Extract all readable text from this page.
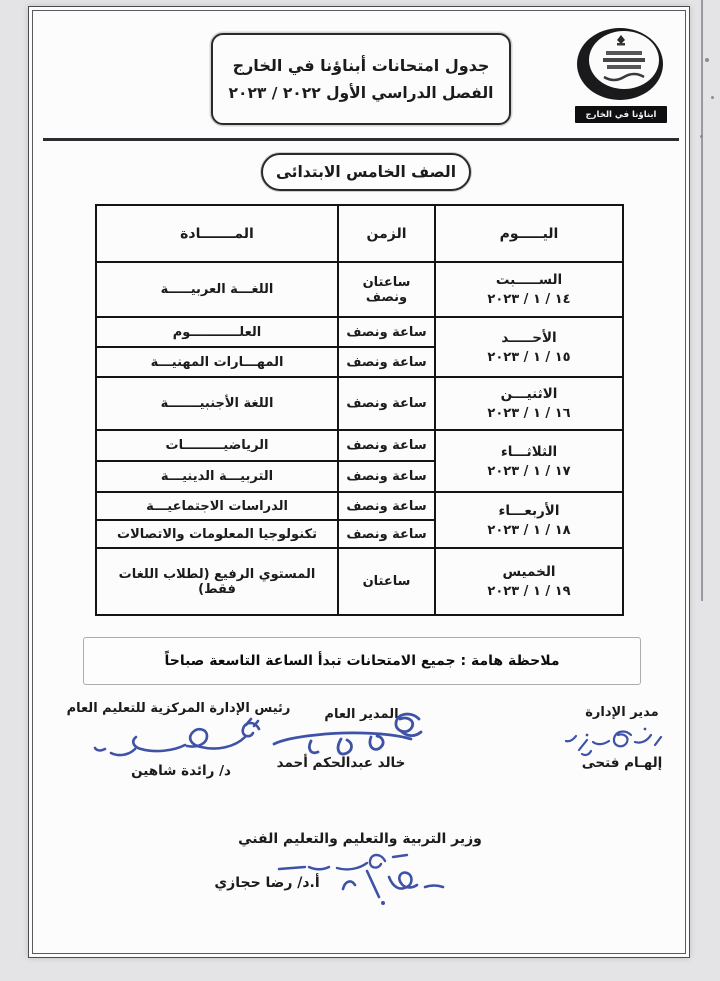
جدول امتحانات أبناؤنا في الخارج
الفصل الدراسي الأول ٢٠٢٢ / ٢٠٢٣
ابناؤنا في الخارج
الصف الخامس الابتدائى
اليـــــوم	الزمن	المـــــــادة

الســـــبت
١٤ / ١ / ٢٠٢٣	ساعتان ونصف	اللغـــة العربيـــــة

الأحـــــد
١٥ / ١ / ٢٠٢٣	ساعة ونصف	العلـــــــــــوم
	ساعة ونصف	المهـــارات المهنيـــة

الاثنيـــن
١٦ / ١ / ٢٠٢٣	ساعة ونصف	اللغة الأجنبيـــــــة

الثلاثـــاء
١٧ / ١ / ٢٠٢٣	ساعة ونصف	الرياضيـــــــــات
	ساعة ونصف	التربيـــة الدينيـــة

الأربعـــاء
١٨ / ١ / ٢٠٢٣	ساعة ونصف	الدراسات الاجتماعيـــة
	ساعة ونصف	تكنولوجيا المعلومات والاتصالات

الخميس
١٩ / ١ / ٢٠٢٣	ساعتان	المستوي الرفيع (لطلاب اللغات فقط)
ملاحظة هامة : جميع الامتحانات تبدأ الساعة التاسعة صباحاً
مدير الإدارة
إلهـام فتحى
المدير العام
خالد عبدالحكم أحمد
رئيس الإدارة المركزية للتعليم العام
د/ رائدة شاهين
وزير التربية والتعليم والتعليم الفني
أ.د/ رضا حجازي
